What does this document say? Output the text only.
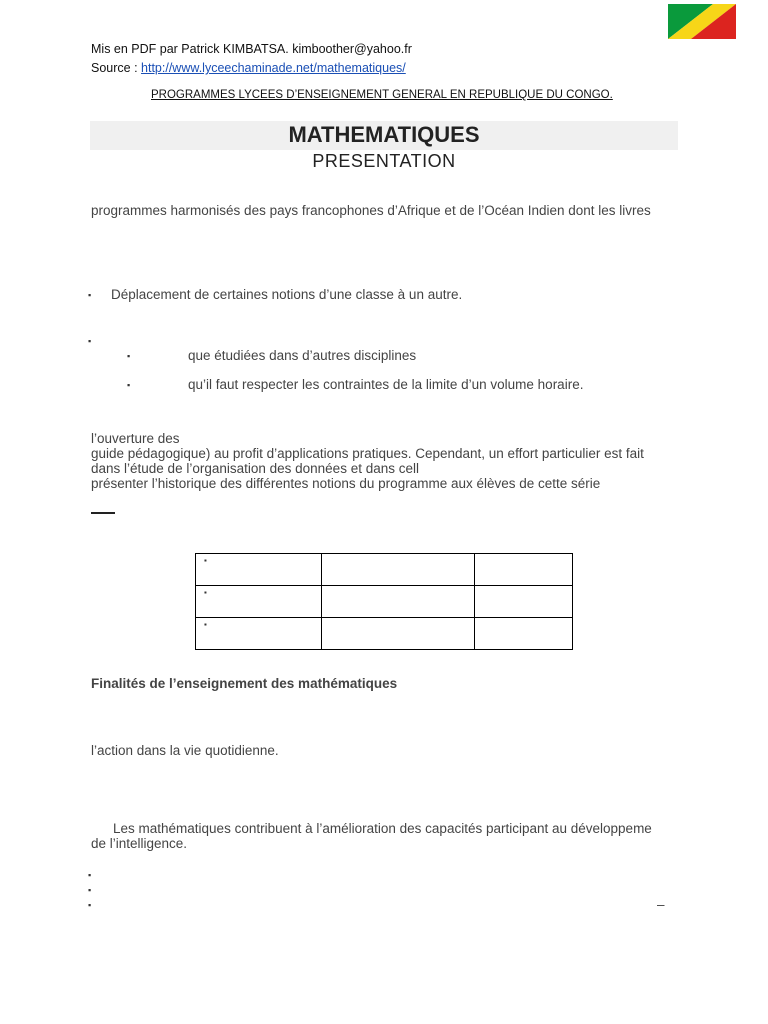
Mis en PDF par Patrick KIMBATSA. kimboother@yahoo.fr
Source : http://www.lyceechaminade.net/mathematiques/
PROGRAMMES LYCEES D’ENSEIGNEMENT GENERAL EN REPUBLIQUE DU CONGO.
MATHEMATIQUES
PRESENTATION
programmes harmonisés des pays francophones d’Afrique et de l’Océan Indien dont les livres
▪ Déplacement de certaines notions d’une classe à un autre.
▪
▪	que étudiées dans d’autres disciplines
▪	qu’il faut respecter les contraintes de la limite d’un volume horaire.
l’ouverture des
guide pédagogique) au profit d’applications pratiques. Cependant, un effort particulier est fait
dans l’étude de l’organisation des données et dans cell
présenter l’historique des différentes notions du programme aux élèves de cette série
▪		

▪		

▪		

Finalités de l’enseignement des mathématiques
l’action dans la vie quotidienne.
Les mathématiques contribuent à l’amélioration des capacités participant au développeme
de l’intelligence.
▪
▪
▪	–
